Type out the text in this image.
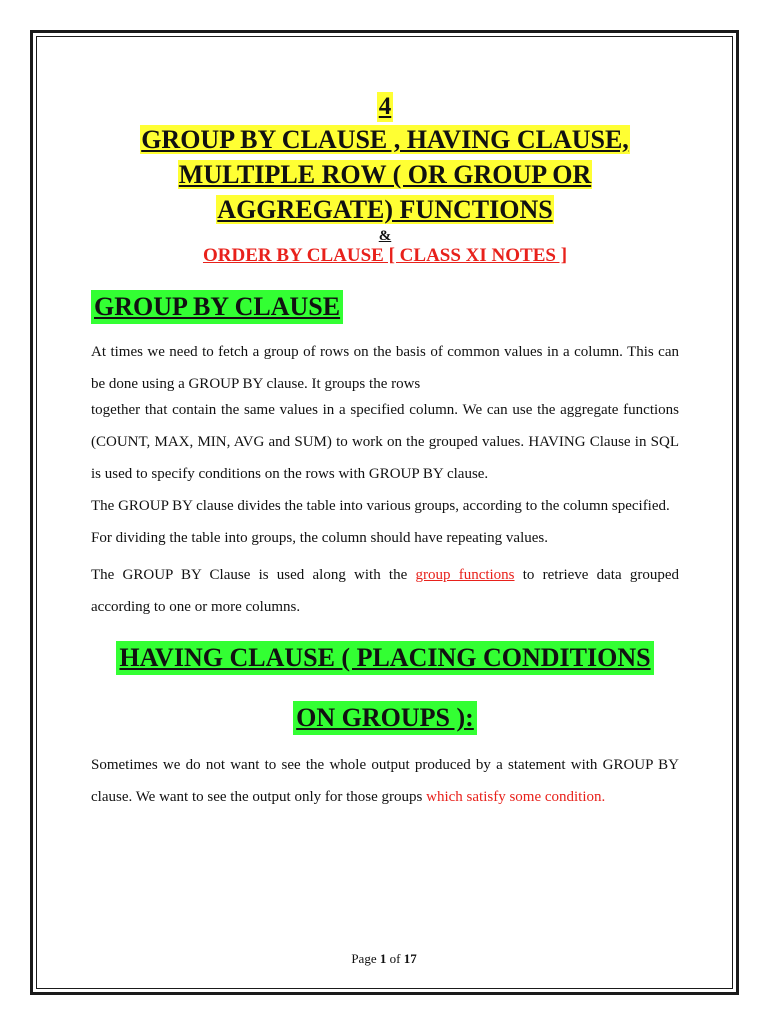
4
GROUP BY CLAUSE , HAVING CLAUSE,
MULTIPLE ROW ( OR GROUP OR
AGGREGATE) FUNCTIONS
&
ORDER BY CLAUSE [ CLASS XI NOTES ]
GROUP BY CLAUSE

At times we need to fetch a group of rows on the basis of common values in a column. This can be done using a GROUP BY clause. It groups the rows

together that contain the same values in a specified column. We can use the aggregate functions (COUNT, MAX, MIN, AVG and SUM) to work on the grouped values. HAVING Clause in SQL is used to specify conditions on the rows with GROUP BY clause.

The GROUP BY clause divides the table into various groups, according to the column specified.

For dividing the table into groups, the column should have repeating values.

The GROUP BY Clause is used along with the group functions to retrieve data grouped according to one or more columns.

HAVING CLAUSE ( PLACING CONDITIONS
ON GROUPS ):

Sometimes we do not want to see the whole output produced by a statement with GROUP BY clause. We want to see the output only for those groups which satisfy some condition.

Page 1 of 17
